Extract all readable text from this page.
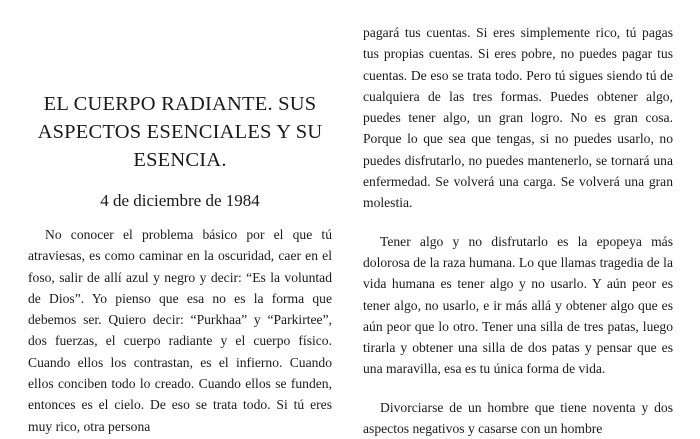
EL CUERPO RADIANTE. SUS ASPECTOS ESENCIALES Y SU ESENCIA.
4 de diciembre de 1984

No conocer el problema básico por el que tú atraviesas, es como caminar en la oscuridad, caer en el foso, salir de allí azul y negro y decir: “Es la voluntad de Dios”. Yo pienso que esa no es la forma que debemos ser. Quiero decir: “Purkhaa” y “Parkirtee”, dos fuerzas, el cuerpo radiante y el cuerpo físico. Cuando ellos los contrastan, es el infierno. Cuando ellos conciben todo lo creado. Cuando ellos se funden, entonces es el cielo. De eso se trata todo. Si tú eres muy rico, otra persona

pagará tus cuentas. Si eres simplemente rico, tú pagas tus propias cuentas. Si eres pobre, no puedes pagar tus cuentas. De eso se trata todo. Pero tú sigues siendo tú de cualquiera de las tres formas. Puedes obtener algo, puedes tener algo, un gran logro. No es gran cosa. Porque lo que sea que tengas, si no puedes usarlo, no puedes disfrutarlo, no puedes mantenerlo, se tornará una enfermedad. Se volverá una carga. Se volverá una gran molestia.

Tener algo y no disfrutarlo es la epopeya más dolorosa de la raza humana. Lo que llamas tragedia de la vida humana es tener algo y no usarlo. Y aún peor es tener algo, no usarlo, e ir más allá y obtener algo que es aún peor que lo otro. Tener una silla de tres patas, luego tirarla y obtener una silla de dos patas y pensar que es una maravilla, esa es tu única forma de vida.

Divorciarse de un hombre que tiene noventa y dos aspectos negativos y casarse con un hombre
